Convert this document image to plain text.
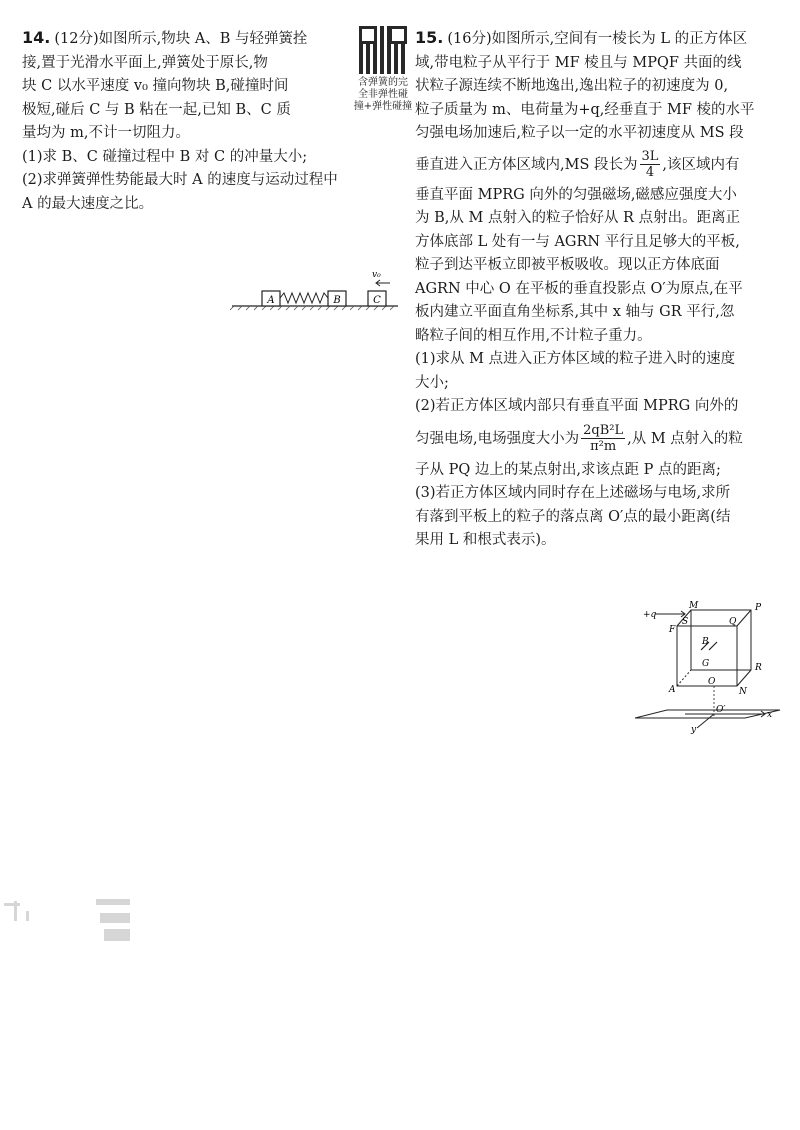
14. (12分)如图所示,物块 A、B 与轻弹簧拴

接,置于光滑水平面上,弹簧处于原长,物

块 C 以水平速度 v₀ 撞向物块 B,碰撞时间

极短,碰后 C 与 B 粘在一起,已知 B、C 质

量均为 m,不计一切阻力。

(1)求 B、C 碰撞过程中 B 对 C 的冲量大小;

(2)求弹簧弹性势能最大时 A 的速度与运动过程中

A 的最大速度之比。

含弹簧的完
全非弹性碰
撞+弹性碰撞
A	B	C
v₀

15. (16分)如图所示,空间有一棱长为 L 的正方体区

域,带电粒子从平行于 MF 棱且与 MPQF 共面的线

状粒子源连续不断地逸出,逸出粒子的初速度为 0,

粒子质量为 m、电荷量为+q,经垂直于 MF 棱的水平

匀强电场加速后,粒子以一定的水平初速度从 MS 段

垂直进入正方体区域内,MS 段长为 $\frac{3L}{4}$ ,该区域内有

垂直平面 MPRG 向外的匀强磁场,磁感应强度大小

为 B,从 M 点射入的粒子恰好从 R 点射出。距离正

方体底部 L 处有一与 AGRN 平行且足够大的平板,

粒子到达平板立即被平板吸收。现以正方体底面

AGRN 中心 O 在平板的垂直投影点 O′为原点,在平

板内建立平面直角坐标系,其中 x 轴与 GR 平行,忽

略粒子间的相互作用,不计粒子重力。

(1)求从 M 点进入正方体区域的粒子进入时的速度

大小;

(2)若正方体区域内部只有垂直平面 MPRG 向外的

匀强电场,电场强度大小为 $\frac{\text{2qB²L}}{\text{π²m}}$ ,从 M 点射入的粒

子从 PQ 边上的某点射出,求该点距 P 点的距离;

(3)若正方体区域内同时存在上述磁场与电场,求所

有落到平板上的粒子的落点离 O′点的最小距离(结

果用 L 和根式表示)。

+q
M	P
S
F
Q
B
G	R
A
O
N
O′	x
y
